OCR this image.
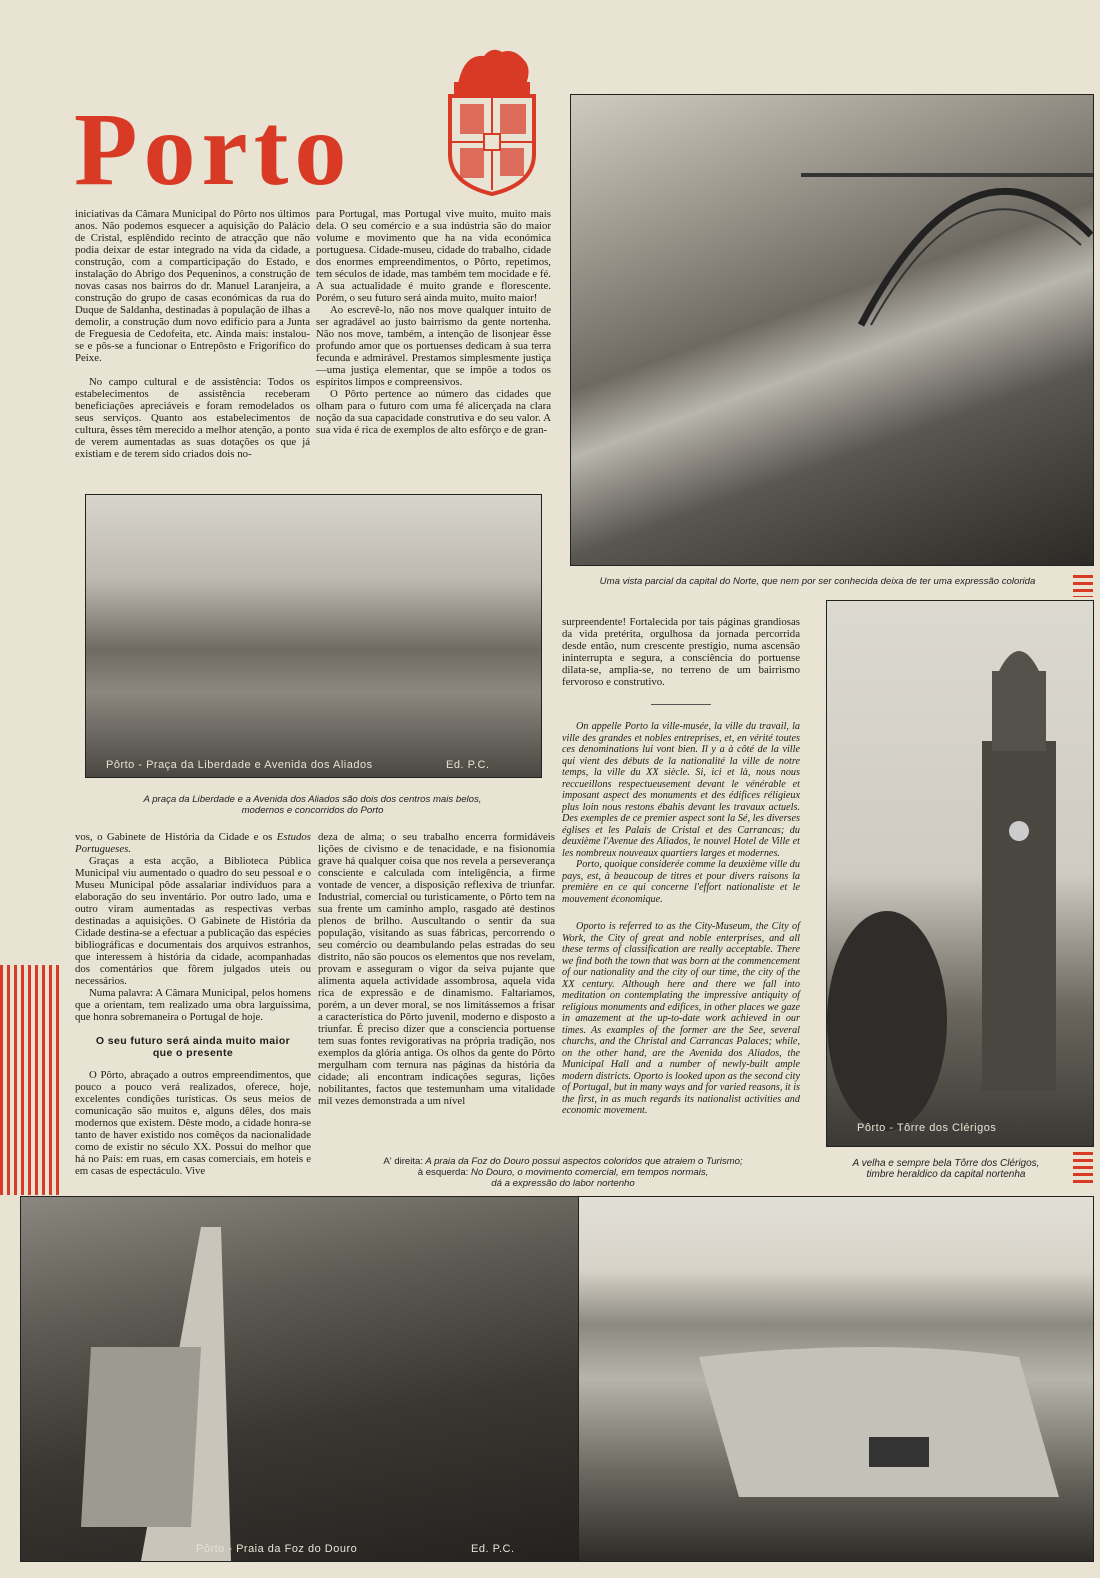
Porto

iniciativas da Câmara Municipal do Pôrto nos últimos anos. Não podemos esquecer a aquisição do Palácio de Cristal, esplêndido recinto de atracção que não podia deixar de estar integrado na vida da cidade, a construção, com a comparticipação do Estado, e instalação do Abrigo dos Pequeninos, a construção de novas casas nos bairros do dr. Manuel Laranjeira, a construção do grupo de casas económicas da rua do Duque de Saldanha, destinadas à população de ilhas a demolir, a construção dum novo edifício para a Junta de Freguesia de Cedofeita, etc. Ainda mais: instalou-se e pôs-se a funcionar o Entrepôsto e Frigorífico do Peixe.

No campo cultural e de assistência: Todos os estabelecimentos de assistência receberam beneficiações apreciáveis e foram remodelados os seus serviços. Quanto aos estabelecimentos de cultura, êsses têm merecido a melhor atenção, a ponto de verem aumentadas as suas dotações os que já existiam e de terem sido criados dois no-

para Portugal, mas Portugal vive muito, muito mais dela. O seu comércio e a sua indústria são do maior volume e movimento que ha na vida económica portuguesa. Cidade-museu, cidade do trabalho, cidade dos enormes empreendimentos, o Pôrto, repetimos, tem séculos de idade, mas também tem mocidade e fé. A sua actualidade é muito grande e florescente. Porém, o seu futuro será ainda muito, muito maior!

Ao escrevê-lo, não nos move qualquer intuito de ser agradável ao justo bairrismo da gente nortenha. Não nos move, também, a intenção de lisonjear êsse profundo amor que os portuenses dedicam à sua terra fecunda e admirável. Prestamos simplesmente justiça—uma justiça elementar, que se impõe a todos os espíritos limpos e compreensivos.

O Pôrto pertence ao número das cidades que olham para o futuro com uma fé alicerçada na clara noção da sua capacidade construtiva e do seu valor. A sua vida é rica de exemplos de alto esfôrço e de gran-

Uma vista parcial da capital do Norte, que nem por ser conhecida deixa de ter uma expressão colorida
Pôrto - Praça da Liberdade e Avenida dos Aliados	Ed. P.C.
A praça da Liberdade e a Avenida dos Aliados são dois dos centros mais belos,
modernos e concorridos do Porto

surpreendente! Fortalecida por tais páginas grandiosas da vida pretérita, orgulhosa da jornada percorrida desde então, num crescente prestígio, numa ascensão ininterrupta e segura, a consciência do portuense dilata-se, amplia-se, no terreno de um bairrismo fervoroso e construtivo.

On appelle Porto la ville-musée, la ville du travail, la ville des grandes et nobles entreprises, et, en vérité toutes ces denominations lui vont bien. Il y a à côté de la ville qui vient des débuts de la nationalité la ville de notre temps, la ville du XX siècle. Si, ici et là, nous nous reccueillons respectueusement devant le vénérable et imposant aspect des monuments et des édifices réligieux plus loin nous restons ébahis devant les travaux actuels. Des exemples de ce premier aspect sont la Sé, les diverses églises et les Palais de Cristal et des Carrancas; du deuxième l'Avenue des Aliados, le nouvel Hotel de Ville et les nombreux nouveaux quartiers larges et modernes.

Porto, quoique considerée comme la deuxième ville du pays, est, à beaucoup de titres et pour divers raisons la première en ce qui concerne l'effort nationaliste et le mouvement économique.

Oporto is referred to as the City-Museum, the City of Work, the City of great and noble enterprises, and all these terms of classification are really acceptable. There we find both the town that was born at the commencement of our nationality and the city of our time, the city of the XX century. Although here and there we fall into meditation on contemplating the impressive antiquity of religious monuments and edifices, in other places we gaze in amazement at the up-to-date work achieved in our times. As examples of the former are the See, several churchs, and the Christal and Carrancas Palaces; while, on the other hand, are the Avenida dos Aliados, the Municipal Hall and a number of newly-built ample modern districts. Oporto is looked upon as the second city of Portugal, but in many ways and for varied reasons, it is the first, in as much regards its nationalist activities and economic movement.

Pôrto - Tôrre dos Clérigos
A velha e sempre bela Tôrre dos Clérigos,
timbre heraldico da capital nortenha

vos, o Gabinete de História da Cidade e os Estudos Portugueses.

Graças a esta acção, a Biblioteca Pública Municipal viu aumentado o quadro do seu pessoal e o Museu Municipal pôde assalariar indivíduos para a elaboração do seu inventário. Por outro lado, uma e outro viram aumentadas as respectivas verbas destinadas a aquisições. O Gabinete de História da Cidade destina-se a efectuar a publicação das espécies bibliográficas e documentais dos arquivos estranhos, que interessem à história da cidade, acompanhadas dos comentários que fôrem julgados uteis ou necessários.

Numa palavra: A Câmara Municipal, pelos homens que a orientam, tem realizado uma obra larguíssima, que honra sobremaneira o Portugal de hoje.

O seu futuro será ainda muito maior
que o presente

O Pôrto, abraçado a outros empreendimentos, que pouco a pouco verá realizados, oferece, hoje, excelentes condições turísticas. Os seus meios de comunicação são muitos e, alguns dêles, dos mais modernos que existem. Dêste modo, a cidade honra-se tanto de haver existido nos comêços da nacionalidade como de existir no século XX. Possui do melhor que há no País: em ruas, em casas comerciais, em hoteis e em casas de espectáculo. Vive

deza de alma; o seu trabalho encerra formidáveis lições de civismo e de tenacidade, e na fisionomia grave há qualquer coisa que nos revela a perseverança consciente e calculada com inteligência, a firme vontade de vencer, a disposição reflexiva de triunfar. Industrial, comercial ou turisticamente, o Pôrto tem na sua frente um caminho amplo, rasgado até destinos plenos de brilho. Auscultando o sentir da sua população, visitando as suas fábricas, percorrendo o seu comércio ou deambulando pelas estradas do seu distrito, não são poucos os elementos que nos revelam, provam e asseguram o vigor da seiva pujante que alimenta aquela actividade assombrosa, aquela vida rica de expressão e de dinamismo. Faltariamos, porém, a un dever moral, se nos limitássemos a frisar a característica do Pôrto juvenil, moderno e disposto a triunfar. É preciso dizer que a consciencia portuense tem suas fontes revigorativas na própria tradição, nos exemplos da glória antiga. Os olhos da gente do Pôrto mergulham com ternura nas páginas da história da cidade; ali encontram indicações seguras, lições nobilitantes, factos que testemunham uma vitalidade mil vezes demonstrada a um nível

A' direita: A praia da Foz do Douro possui aspectos coloridos que atraiem o Turismo;
à esquerda: No Douro, o movimento comercial, em tempos normais,
dá a expressão do labor nortenho
Pôrto - Praia da Foz do Douro	Ed. P.C.
